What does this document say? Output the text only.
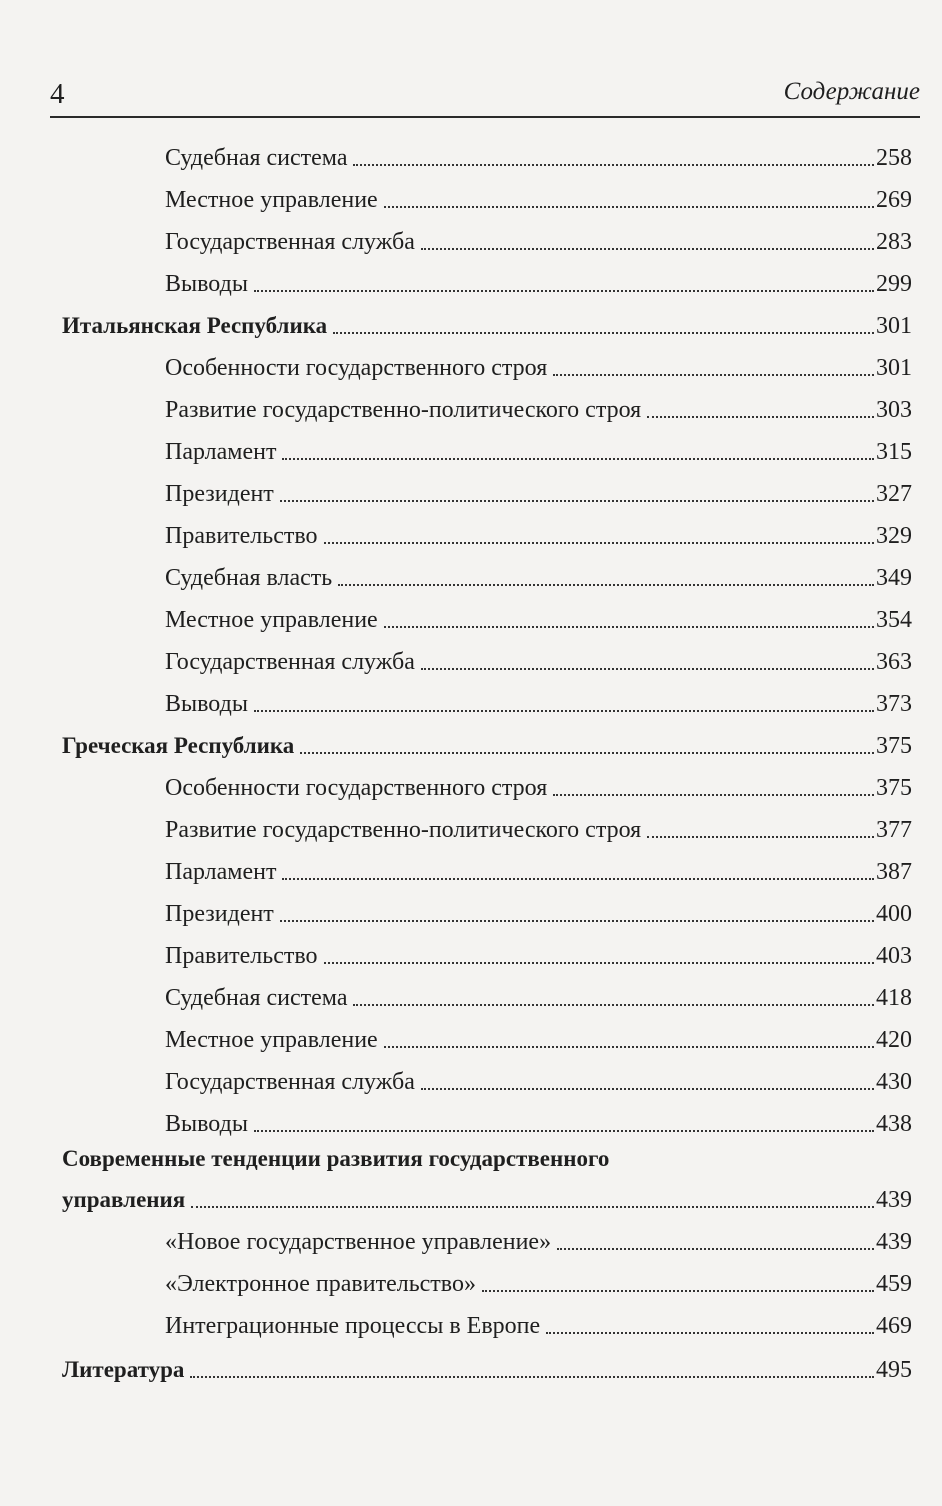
4	Содержание
Судебная система	258
Местное управление	269
Государственная служба	283
Выводы	299
Итальянская Республика	301
Особенности государственного строя	301
Развитие государственно-политического строя	303
Парламент	315
Президент	327
Правительство	329
Судебная власть	349
Местное управление	354
Государственная служба	363
Выводы	373
Греческая Республика	375
Особенности государственного строя	375
Развитие государственно-политического строя	377
Парламент	387
Президент	400
Правительство	403
Судебная система	418
Местное управление	420
Государственная служба	430
Выводы	438
Современные тенденции развития государственного
управления	439
«Новое государственное управление»	439
«Электронное правительство»	459
Интеграционные процессы в Европе	469
Литература	495
